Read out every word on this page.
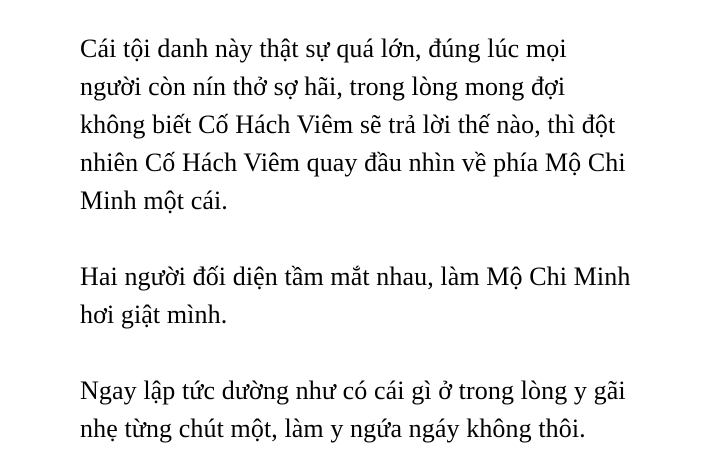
Cái tội danh này thật sự quá lớn, đúng lúc mọi
người còn nín thở sợ hãi, trong lòng mong đợi
không biết Cố Hách Viêm sẽ trả lời thế nào, thì đột
nhiên Cố Hách Viêm quay đầu nhìn về phía Mộ Chi
Minh một cái.

Hai người đối diện tầm mắt nhau, làm Mộ Chi Minh
hơi giật mình.

Ngay lập tức dường như có cái gì ở trong lòng y gãi
nhẹ từng chút một, làm y ngứa ngáy không thôi.
